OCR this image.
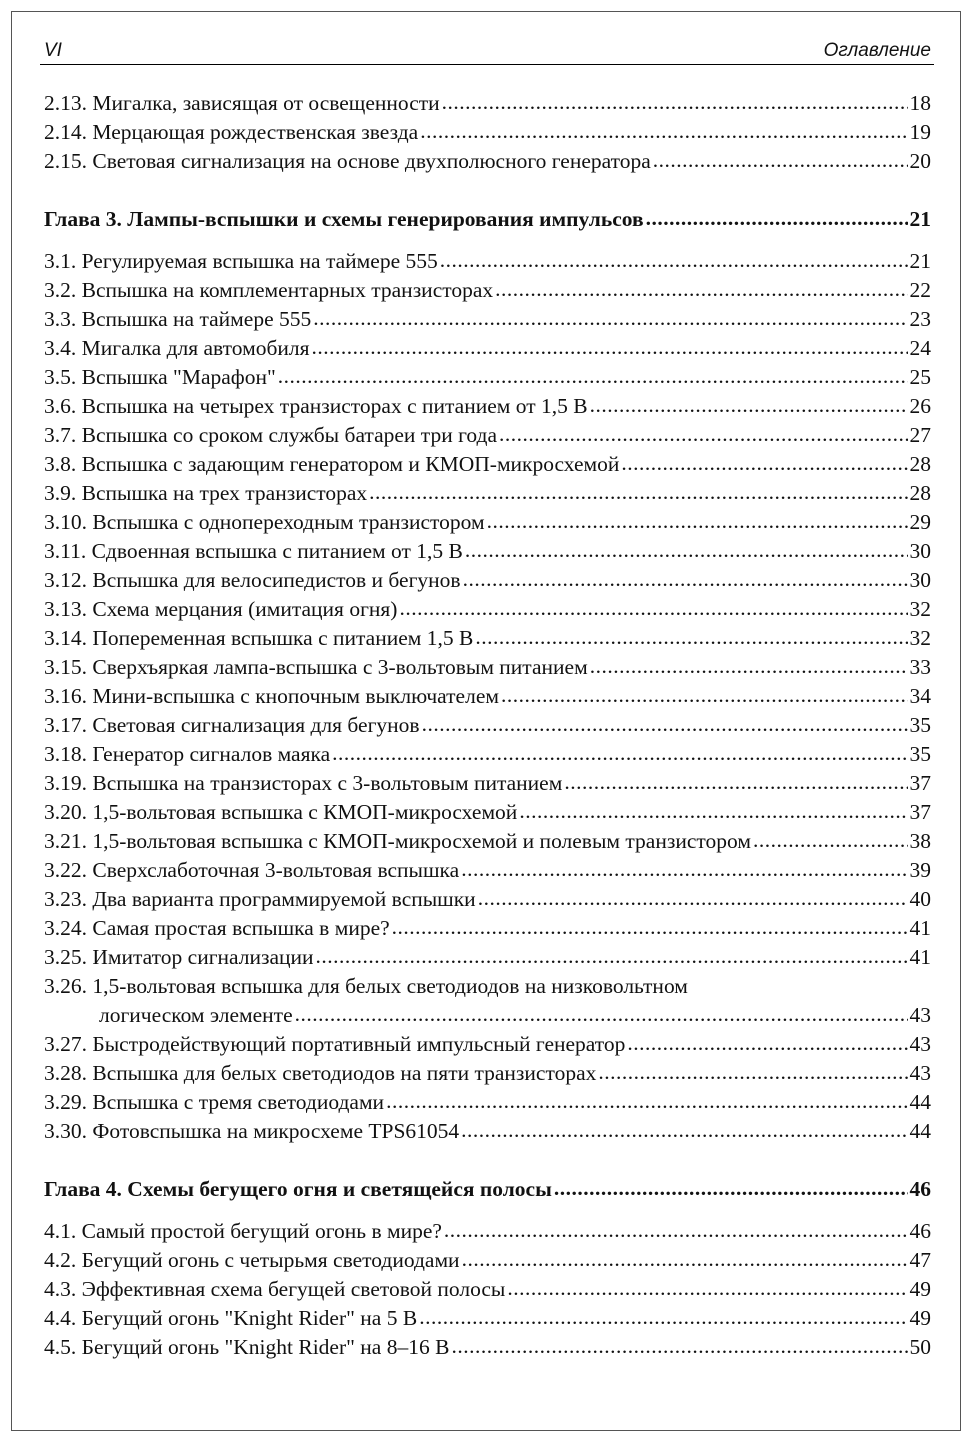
VI	Оглавление
2.13. Мигалка, зависящая от освещенности .....	18
2.14. Мерцающая рождественская звезда .....	19
2.15. Световая сигнализация на основе двухполюсного генератора .....	20
Глава 3. Лампы-вспышки и схемы генерирования импульсов .....	21
3.1. Регулируемая вспышка на таймере 555 .....	21
3.2. Вспышка на комплементарных транзисторах .....	22
3.3. Вспышка на таймере 555 .....	23
3.4. Мигалка для автомобиля .....	24
3.5. Вспышка "Марафон" .....	25
3.6. Вспышка на четырех транзисторах с питанием от 1,5 В .....	26
3.7. Вспышка со сроком службы батареи три года .....	27
3.8. Вспышка с задающим генератором и КМОП-микросхемой .....	28
3.9. Вспышка на трех транзисторах .....	28
3.10. Вспышка с однопереходным транзистором .....	29
3.11. Сдвоенная вспышка с питанием от 1,5 В .....	30
3.12. Вспышка для велосипедистов и бегунов .....	30
3.13. Схема мерцания (имитация огня) .....	32
3.14. Попеременная вспышка с питанием 1,5 В .....	32
3.15. Сверхъяркая лампа-вспышка с 3-вольтовым питанием .....	33
3.16. Мини-вспышка с кнопочным выключателем .....	34
3.17. Световая сигнализация для бегунов .....	35
3.18. Генератор сигналов маяка .....	35
3.19. Вспышка на транзисторах с 3-вольтовым питанием .....	37
3.20. 1,5-вольтовая вспышка с КМОП-микросхемой .....	37
3.21. 1,5-вольтовая вспышка с КМОП-микросхемой и полевым транзистором .....	38
3.22. Сверхслаботочная 3-вольтовая вспышка .....	39
3.23. Два варианта программируемой вспышки .....	40
3.24. Самая простая вспышка в мире? .....	41
3.25. Имитатор сигнализации .....	41
3.26. 1,5-вольтовая вспышка для белых светодиодов на низковольтном
логическом элементе .....	43
3.27. Быстродействующий портативный импульсный генератор .....	43
3.28. Вспышка для белых светодиодов на пяти транзисторах .....	43
3.29. Вспышка с тремя светодиодами .....	44
3.30. Фотовспышка на микросхеме TPS61054 .....	44
Глава 4. Схемы бегущего огня и светящейся полосы .....	46
4.1. Самый простой бегущий огонь в мире? .....	46
4.2. Бегущий огонь с четырьмя светодиодами .....	47
4.3. Эффективная схема бегущей световой полосы .....	49
4.4. Бегущий огонь "Knight Rider" на 5 В .....	49
4.5. Бегущий огонь "Knight Rider" на 8–16 В .....	50
